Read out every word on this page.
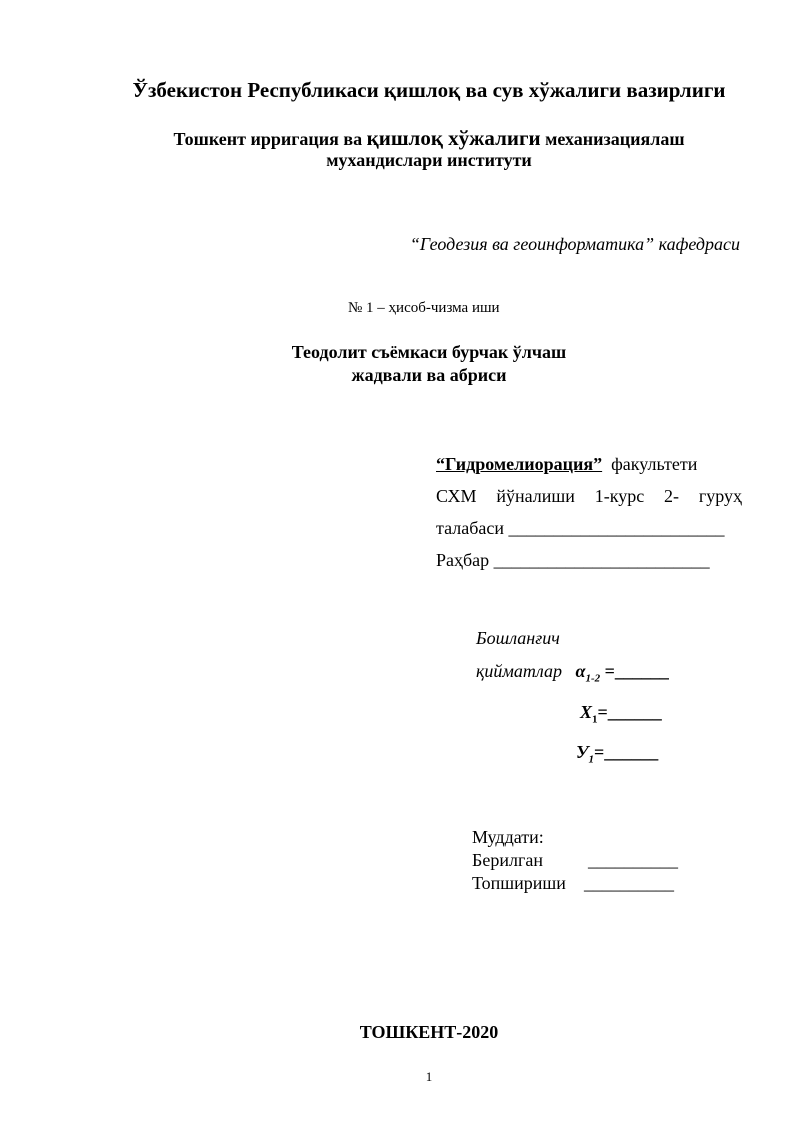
Ўзбекистон Республикаси қишлоқ ва сув хўжалиги вазирлиги
Тошкент ирригация ва қишлоқ хўжалиги механизациялаш
мухандислари институти
“Геодезия ва геоинформатика” кафедраси
№ 1 – ҳисоб-чизма иши
Теодолит съёмкаси бурчак ўлчаш
жадвали ва абриси
“Гидромелиорация” факультети
СХМ йўналиши 1-курс 2- гуруҳ
талабаси ________________________
Раҳбар ________________________
Бошланғич
қийматлар $\alpha_{1-2}$ =______
$Х_1=\_\_\_\_\_\_$
$У_1=\_\_\_\_\_\_$
Муддати:
Берилган	__________
Топшириши __________
ТОШКЕНТ-2020
1
